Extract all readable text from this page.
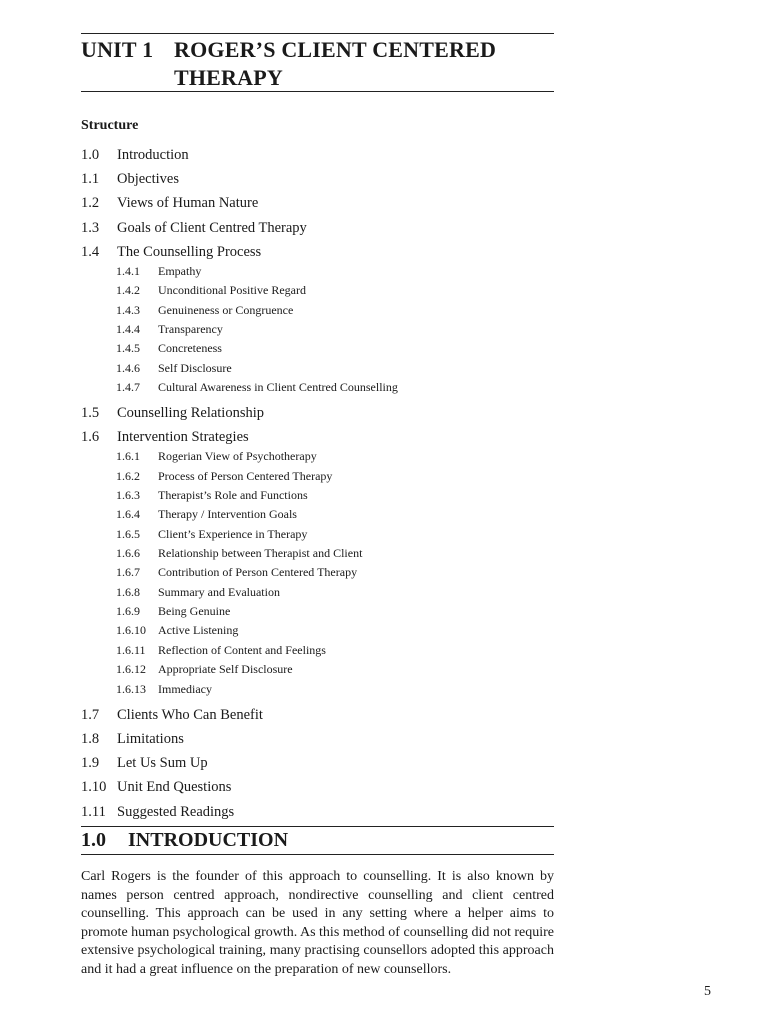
UNIT 1 ROGER’S CLIENT CENTERED
THERAPY
Structure
1.0 Introduction
1.1 Objectives
1.2 Views of Human Nature
1.3 Goals of Client Centred Therapy
1.4 The Counselling Process
1.4.1 Empathy
1.4.2 Unconditional Positive Regard
1.4.3 Genuineness or Congruence
1.4.4 Transparency
1.4.5 Concreteness
1.4.6 Self Disclosure
1.4.7 Cultural Awareness in Client Centred Counselling
1.5 Counselling Relationship
1.6 Intervention Strategies
1.6.1 Rogerian View of Psychotherapy
1.6.2 Process of Person Centered Therapy
1.6.3 Therapist’s Role and Functions
1.6.4 Therapy / Intervention Goals
1.6.5 Client’s Experience in Therapy
1.6.6 Relationship between Therapist and Client
1.6.7 Contribution of Person Centered Therapy
1.6.8 Summary and Evaluation
1.6.9 Being Genuine
1.6.10 Active Listening
1.6.11 Reflection of Content and Feelings
1.6.12 Appropriate Self Disclosure
1.6.13 Immediacy
1.7 Clients Who Can Benefit
1.8 Limitations
1.9 Let Us Sum Up
1.10 Unit End Questions
1.11 Suggested Readings
1.0 INTRODUCTION
Carl Rogers is the founder of this approach to counselling. It is also known by names person centred approach, nondirective counselling and client centred counselling. This approach can be used in any setting where a helper aims to promote human psychological growth. As this method of counselling did not require extensive psychological training, many practising counsellors adopted this approach and it had a great influence on the preparation of new counsellors.
5
